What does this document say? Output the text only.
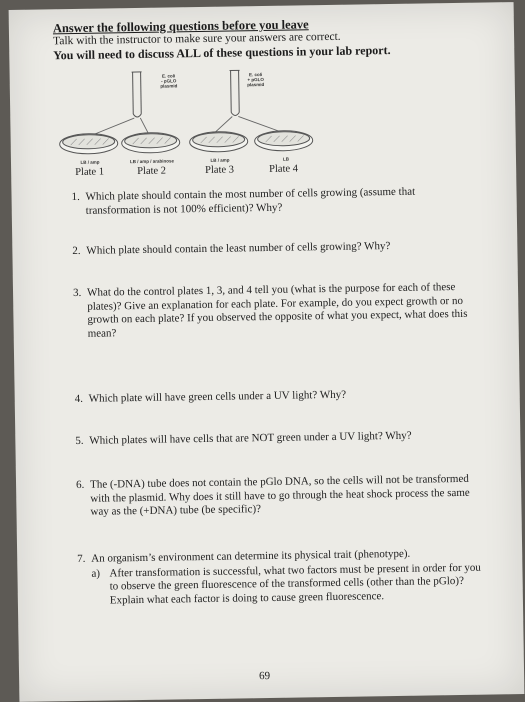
Answer the following questions before you leave
Talk with the instructor to make sure your answers are correct.
You will need to discuss ALL of these questions in your lab report.
E. coli
- pGLO
plasmid
E. coli
+ pGLO
plasmid
LB / amp	LB / amp / arabinose	LB / amp	LB
Plate 1	Plate 2	Plate 3	Plate 4
1. Which plate should contain the most number of cells growing (assume that transformation is not 100% efficient)? Why?
2. Which plate should contain the least number of cells growing? Why?
3. What do the control plates 1, 3, and 4 tell you (what is the purpose for each of these plates)? Give an explanation for each plate. For example, do you expect growth or no growth on each plate? If you observed the opposite of what you expect, what does this mean?
4. Which plate will have green cells under a UV light? Why?
5. Which plates will have cells that are NOT green under a UV light? Why?
6. The (-DNA) tube does not contain the pGlo DNA, so the cells will not be transformed with the plasmid. Why does it still have to go through the heat shock process the same way as the (+DNA) tube (be specific)?
7. An organism’s environment can determine its physical trait (phenotype).
a) After transformation is successful, what two factors must be present in order for you to observe the green fluorescence of the transformed cells (other than the pGlo)? Explain what each factor is doing to cause green fluorescence.
69
